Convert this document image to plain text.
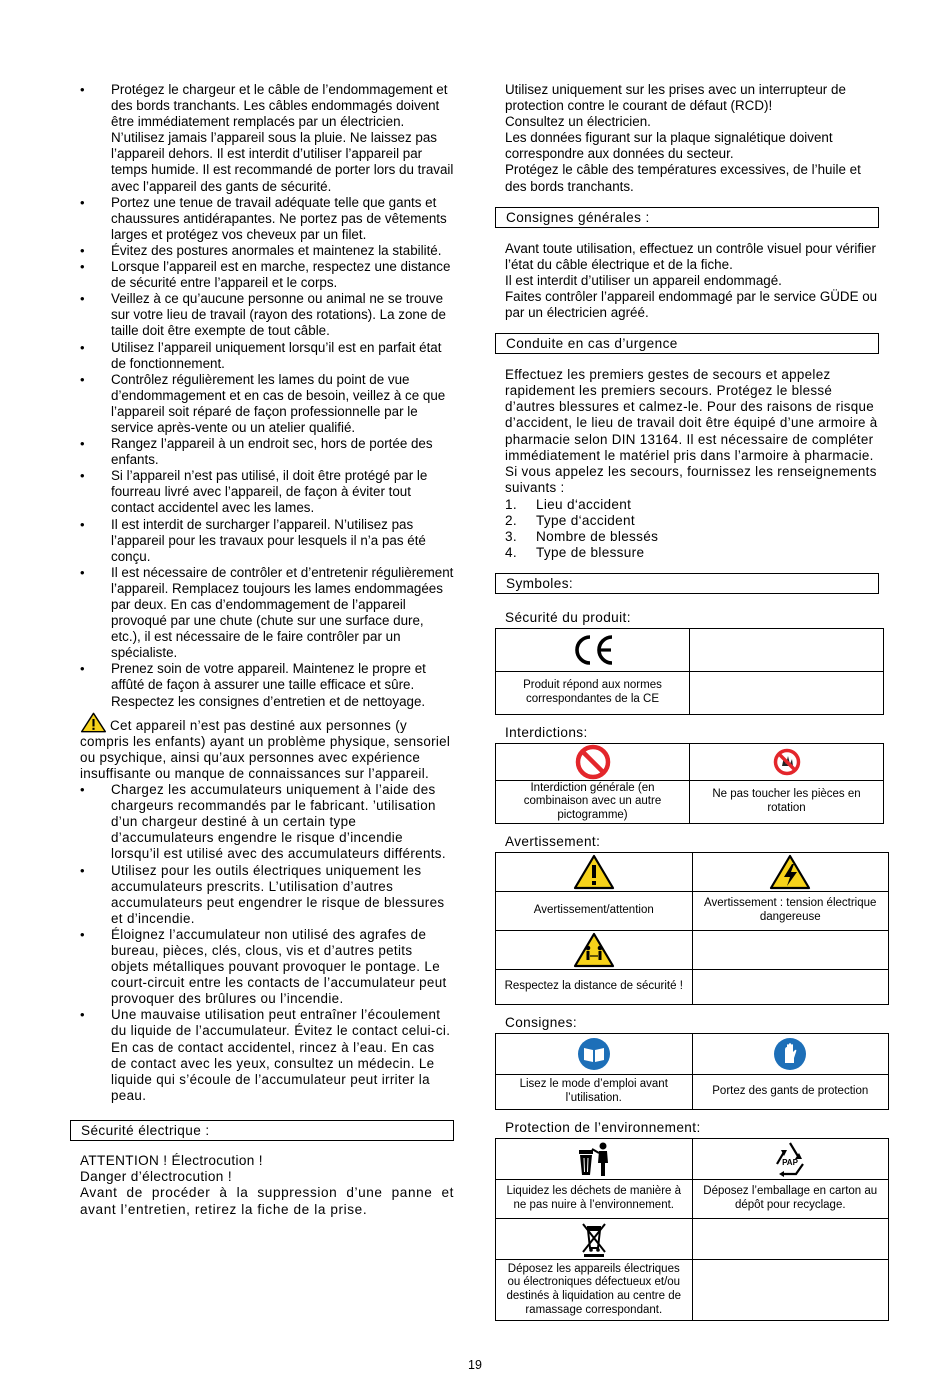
• Protégez le chargeur et le câble de l’endommagement et des bords tranchants. Les câbles endommagés doivent être immédiatement remplacés par un électricien. N’utilisez jamais l’appareil sous la pluie. Ne laissez pas l’appareil dehors. Il est interdit d’utiliser l’appareil par temps humide. Il est recommandé de porter lors du travail avec l’appareil des gants de sécurité.
• Portez une tenue de travail adéquate telle que gants et chaussures antidérapantes. Ne portez pas de vêtements larges et protégez vos cheveux par un filet.
• Évitez des postures anormales et maintenez la stabilité.
• Lorsque l’appareil est en marche, respectez une distance de sécurité entre l’appareil et le corps.
• Veillez à ce qu’aucune personne ou animal ne se trouve sur votre lieu de travail (rayon des rotations). La zone de taille doit être exempte de tout câble.
• Utilisez l’appareil uniquement lorsqu’il est en parfait état de fonctionnement.
• Contrôlez régulièrement les lames du point de vue d’endommagement et en cas de besoin, veillez à ce que l’appareil soit réparé de façon professionnelle par le service après-vente ou un atelier qualifié.
• Rangez l’appareil à un endroit sec, hors de portée des enfants.
• Si l’appareil n’est pas utilisé, il doit être protégé par le fourreau livré avec l’appareil, de façon à éviter tout contact accidentel avec les lames.
• Il est interdit de surcharger l’appareil. N’utilisez pas l’appareil pour les travaux pour lesquels il n’a pas été conçu.
• Il est nécessaire de contrôler et d’entretenir régulièrement l’appareil. Remplacez toujours les lames endommagées par deux. En cas d’endommagement de l’appareil provoqué par une chute (chute sur une surface dure, etc.), il est nécessaire de le faire contrôler par un spécialiste.
• Prenez soin de votre appareil. Maintenez le propre et affûté de façon à assurer une taille efficace et sûre. Respectez les consignes d’entretien et de nettoyage.

Cet appareil n’est pas destiné aux personnes (y compris les enfants) ayant un problème physique, sensoriel ou psychique, ainsi qu’aux personnes avec expérience insuffisante ou manque de connaissances sur l’appareil.

• Chargez les accumulateurs uniquement à l’aide des chargeurs recommandés par le fabricant. ’utilisation d’un chargeur destiné à un certain type d’accumulateurs engendre le risque d’incendie lorsqu’il est utilisé avec des accumulateurs différents.
• Utilisez pour les outils électriques uniquement les accumulateurs prescrits. L’utilisation d’autres accumulateurs peut engendrer le risque de blessures et d’incendie.
• Éloignez l’accumulateur non utilisé des agrafes de bureau, pièces, clés, clous, vis et d’autres petits objets métalliques pouvant provoquer le pontage. Le court-circuit entre les contacts de l’accumulateur peut provoquer des brûlures ou l’incendie.
• Une mauvaise utilisation peut entraîner l’écoulement du liquide de l’accumulateur. Évitez le contact celui-ci. En cas de contact accidentel, rincez à l’eau. En cas de contact avec les yeux, consultez un médecin. Le liquide qui s’écoule de l’accumulateur peut irriter la peau.
Sécurité électrique :

ATTENTION ! Électrocution !

Danger d’électrocution !

Avant de procéder à la suppression d’une panne et avant l’entretien, retirez la fiche de la prise.

Utilisez uniquement sur les prises avec un interrupteur de protection contre le courant de défaut (RCD)!

Consultez un électricien.

Les données figurant sur la plaque signalétique doivent correspondre aux données du secteur.

Protégez le câble des températures excessives, de l’huile et des bords tranchants.

Consignes générales :

Avant toute utilisation, effectuez un contrôle visuel pour vérifier l’état du câble électrique et de la fiche.

Il est interdit d’utiliser un appareil endommagé.

Faites contrôler l’appareil endommagé par le service GÜDE ou par un électricien agréé.

Conduite en cas d’urgence

Effectuez les premiers gestes de secours et appelez rapidement les premiers secours. Protégez le blessé d’autres blessures et calmez-le. Pour des raisons de risque d’accident, le lieu de travail doit être équipé d’une armoire à pharmacie selon DIN 13164. Il est nécessaire de compléter immédiatement le matériel pris dans l’armoire à pharmacie. Si vous appelez les secours, fournissez les renseignements suivants :

1. Lieu d‘accident
2. Type d‘accident
3. Nombre de blessés
4. Type de blessure
Symboles:
Sécurité du produit:

Produit répond aux normes correspondantes de la CE	
Interdictions:

Interdiction générale (en combinaison avec un autre pictogramme)	Ne pas toucher les pièces en rotation
Avertissement:

Avertissement/attention	Avertissement : tension électrique dangereuse

Respectez la distance de sécurité !	
Consignes:

Lisez le mode d’emploi avant l’utilisation.	Portez des gants de protection
Protection de l’environnement:

PAP

Liquidez les déchets de manière à ne pas nuire à l’environnement.	Déposez l’emballage en carton au dépôt pour recyclage.

Déposez les appareils électriques ou électroniques défectueux et/ou destinés à liquidation au centre de ramassage correspondant.	
19
